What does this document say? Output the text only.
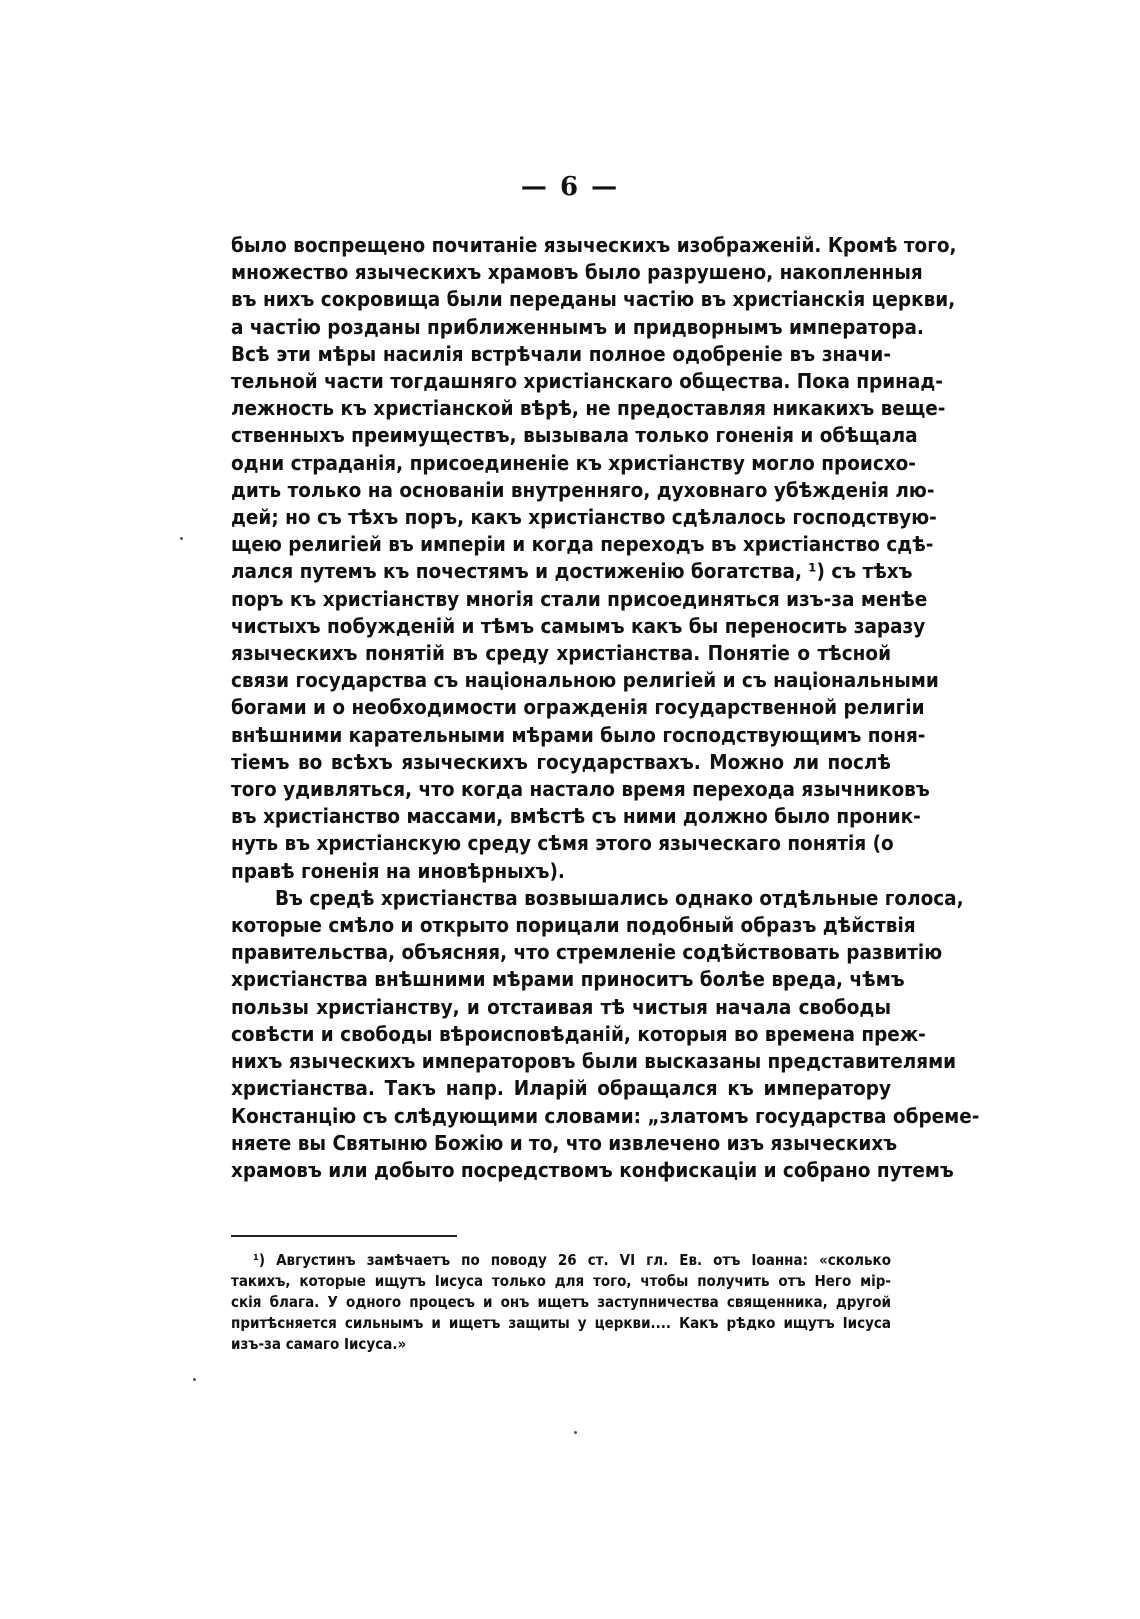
— 6 —
было воспрещено почитаніе языческихъ изображеній. Кромѣ того,
множество языческихъ храмовъ было разрушено, накопленныя
въ нихъ сокровища были переданы частію въ христіанскія церкви,
а частію розданы приближеннымъ и придворнымъ императора.
Всѣ эти мѣры насилія встрѣчали полное одобреніе въ значи-
тельной части тогдашняго христіанскаго общества. Пока принад-
лежность къ христіанской вѣрѣ, не предоставляя никакихъ веще-
ственныхъ преимуществъ, вызывала только гоненія и обѣщала
одни страданія, присоединеніе къ христіанству могло происхо-
дить только на основаніи внутренняго, духовнаго убѣжденія лю-
дей; но съ тѣхъ поръ, какъ христіанство сдѣлалось господствую-
щею религіей въ имперіи и когда переходъ въ христіанство сдѣ-
лался путемъ къ почестямъ и достиженію богатства, ¹) съ тѣхъ
поръ къ христіанству многія стали присоединяться изъ-за менѣе
чистыхъ побужденій и тѣмъ самымъ какъ бы переносить заразу
языческихъ понятій въ среду христіанства. Понятіе о тѣсной
связи государства съ національною религіей и съ національными
богами и о необходимости огражденія государственной религіи
внѣшними карательными мѣрами было господствующимъ поня-
тіемъ во всѣхъ языческихъ государствахъ. Можно ли послѣ
того удивляться, что когда настало время перехода язычниковъ
въ христіанство массами, вмѣстѣ съ ними должно было проник-
нуть въ христіанскую среду сѣмя этого языческаго понятія (о
правѣ гоненія на иновѣрныхъ).
Въ средѣ христіанства возвышались однако отдѣльные голоса,
которые смѣло и открыто порицали подобный образъ дѣйствія
правительства, объясняя, что стремленіе содѣйствовать развитію
христіанства внѣшними мѣрами приноситъ болѣе вреда, чѣмъ
пользы христіанству, и отстаивая тѣ чистыя начала свободы
совѣсти и свободы вѣроисповѣданій, которыя во времена преж-
нихъ языческихъ императоровъ были высказаны представителями
христіанства. Такъ напр. Иларій обращался къ императору
Констанцію съ слѣдующими словами: „златомъ государства обреме-
няете вы Святыню Божію и то, что извлечено изъ языческихъ
храмовъ или добыто посредствомъ конфискаціи и собрано путемъ
¹) Августинъ замѣчаетъ по поводу 26 ст. VI гл. Ев. отъ Іоанна: «сколько
такихъ, которые ищутъ Іисуса только для того, чтобы получить отъ Него мір-
скія блага. У одного процесъ и онъ ищетъ заступничества священника, другой
притѣсняется сильнымъ и ищетъ защиты у церкви.... Какъ рѣдко ищутъ Іисуса
изъ-за самаго Іисуса.»
